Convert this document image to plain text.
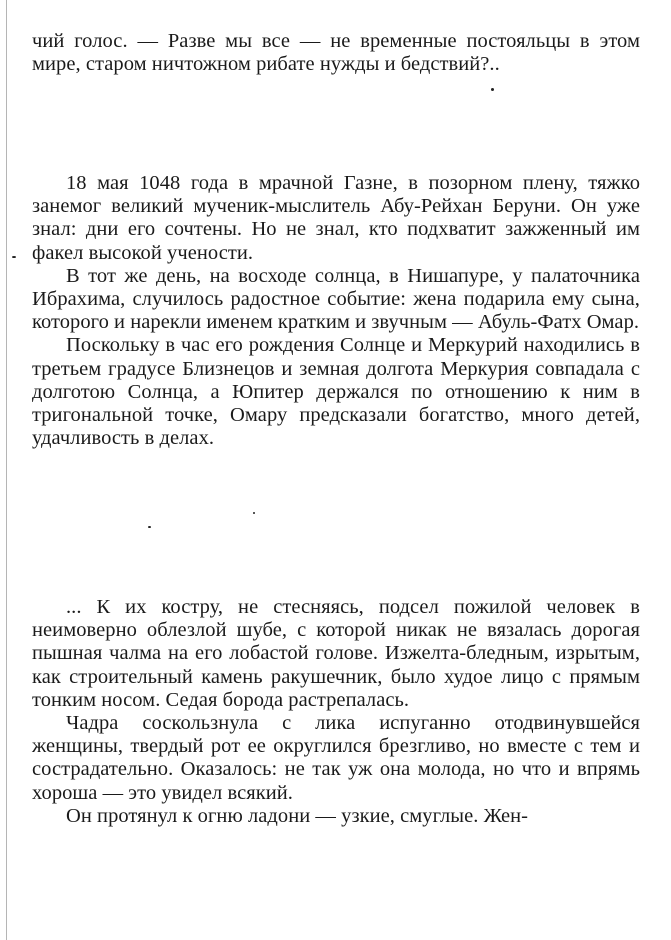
чий голос. — Разве мы все — не временные постояльцы в этом мире, старом ничтожном рибате нужды и бедствий?..

18 мая 1048 года в мрачной Газне, в позорном плену, тяжко занемог великий мученик-мыслитель Абу-Рейхан Беруни. Он уже знал: дни его сочтены. Но не знал, кто подхватит зажженный им факел высокой учености.

В тот же день, на восходе солнца, в Нишапуре, у палаточника Ибрахима, случилось радостное событие: жена подарила ему сына, которого и нарекли именем кратким и звучным — Абуль-Фатх Омар.

Поскольку в час его рождения Солнце и Меркурий находились в третьем градусе Близнецов и земная долгота Меркурия совпадала с долготою Солнца, а Юпитер держался по отношению к ним в тригональной точке, Омару предсказали богатство, много детей, удачливость в делах.

... К их костру, не стесняясь, подсел пожилой человек в неимоверно облезлой шубе, с которой никак не вязалась дорогая пышная чалма на его лобастой голове. Изжелта-бледным, изрытым, как строительный камень ракушечник, было худое лицо с прямым тонким носом. Седая борода растрепалась.

Чадра соскользнула с лика испуганно отодвинувшейся женщины, твердый рот ее округлился брезгливо, но вместе с тем и сострадательно. Оказалось: не так уж она молода, но что и впрямь хороша — это увидел всякий.

Он протянул к огню ладони — узкие, смуглые. Жен-
